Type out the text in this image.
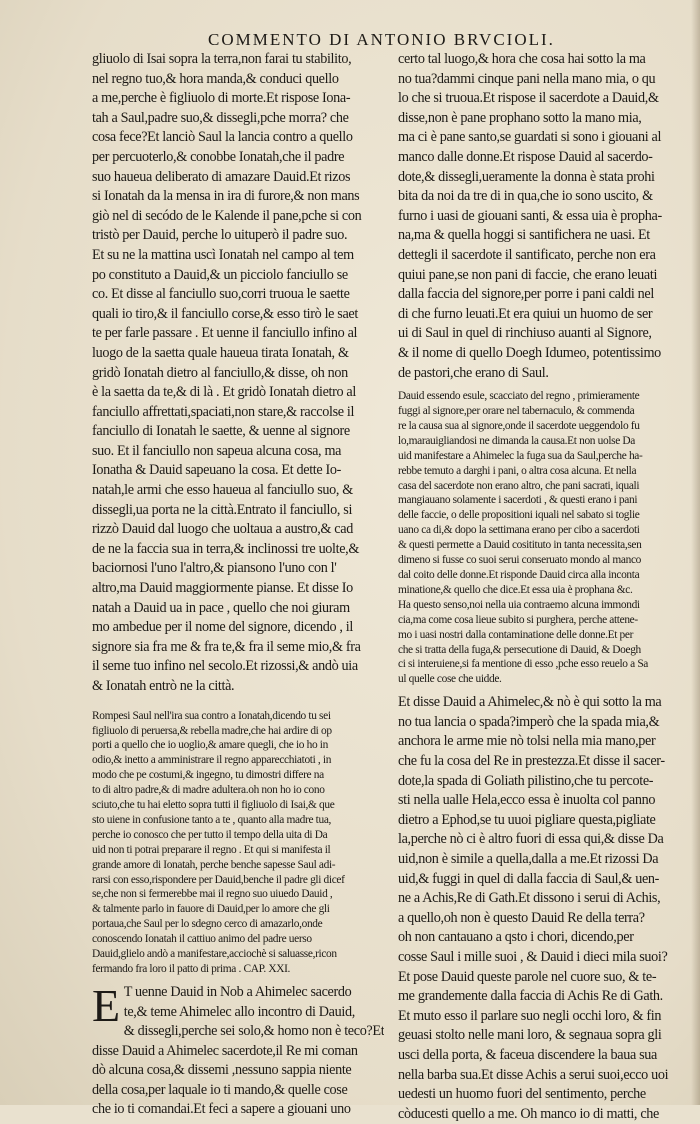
COMMENTO DI ANTONIO BRVCIOLI.
gliuolo di Isai sopra la terra,non farai tu stabilito,
nel regno tuo,& hora manda,& conduci quello
a me,perche è figliuolo di morte.Et rispose Iona-
tah a Saul,padre suo,& dissegli,pche morra? che
cosa fece?Et lanciò Saul la lancia contro a quello
per percuoterlo,& conobbe Ionatah,che il padre
suo haueua deliberato di amazare Dauid.Et rizos
si Ionatah da la mensa in ira di furore,& non mans
giò nel di secódo de le Kalende il pane,pche si con
tristò per Dauid, perche lo uituperò il padre suo.
Et su ne la mattina uscì Ionatah nel campo al tem
po constituto a Dauid,& un picciolo fanciullo se
co. Et disse al fanciullo suo,corri truoua le saette
quali io tiro,& il fanciullo corse,& esso tirò le saet
te per farle passare . Et uenne il fanciullo infino al
luogo de la saetta quale haueua tirata Ionatah, &
gridò Ionatah dietro al fanciullo,& disse, oh non
è la saetta da te,& di là . Et gridò Ionatah dietro al
fanciullo affrettati,spaciati,non stare,& raccolse il
fanciullo di Ionatah le saette, & uenne al signore
suo. Et il fanciullo non sapeua alcuna cosa, ma
Ionatha & Dauid sapeuano la cosa. Et dette Io-
natah,le armi che esso haueua al fanciullo suo, &
dissegli,ua porta ne la città.Entrato il fanciullo, si
rizzò Dauid dal luogo che uoltaua a austro,& cad
de ne la faccia sua in terra,& inclinossi tre uolte,&
baciornosi l'uno l'altro,& piansono l'uno con l'
altro,ma Dauid maggiormente pianse. Et disse Io
natah a Dauid ua in pace , quello che noi giuram
mo ambedue per il nome del signore, dicendo , il
signore sia fra me & fra te,& fra il seme mio,& fra
il seme tuo infino nel secolo.Et rizossi,& andò uia
& Ionatah entrò ne la città.
Rompesi Saul nell'ira sua contro a Ionatah,dicendo tu sei
figliuolo di peruersa,& rebella madre,che hai ardire di op
porti a quello che io uoglio,& amare quegli, che io ho in
odio,& inetto a amministrare il regno apparecchiatoti , in
modo che pe costumi,& ingegno, tu dimostri differe na
to di altro padre,& di madre adultera.oh non ho io cono
sciuto,che tu hai eletto sopra tutti il figliuolo di Isai,& que
sto uiene in confusione tanto a te , quanto alla madre tua,
perche io conosco che per tutto il tempo della uita di Da
uid non ti potrai preparare il regno . Et qui si manifesta il
grande amore di Ionatah, perche benche sapesse Saul adi-
rarsi con esso,rispondere per Dauid,benche il padre gli dicef
se,che non si fermerebbe mai il regno suo uiuedo Dauid ,
& talmente parlo in fauore di Dauid,per lo amore che gli
portaua,che Saul per lo sdegno cerco di amazarlo,onde
conoscendo Ionatah il cattiuo animo del padre uerso
Dauid,glielo andò a manifestare,acciochè si saluasse,ricon
fermando fra loro il patto di prima . CAP. XXI.
E T uenne Dauid in Nob a Ahimelec sacerdo
te,& teme Ahimelec allo incontro di Dauid,
& dissegli,perche sei solo,& homo non è teco?Et
disse Dauid a Ahimelec sacerdote,il Re mi coman
dò alcuna cosa,& dissemi ,nessuno sappia niente
della cosa,per laquale io ti mando,& quelle cose
che io ti comandai.Et feci a sapere a giouani uno
certo tal luogo,& hora che cosa hai sotto la ma
no tua?dammi cinque pani nella mano mia, o qu
lo che si truoua.Et rispose il sacerdote a Dauid,&
disse,non è pane prophano sotto la mano mia,
ma ci è pane santo,se guardati si sono i giouani al
manco dalle donne.Et rispose Dauid al sacerdo-
dote,& dissegli,ueramente la donna è stata prohi
bita da noi da tre di in qua,che io sono uscito, &
furno i uasi de giouani santi, & essa uia è propha-
na,ma & quella hoggi si santifichera ne uasi. Et
dettegli il sacerdote il santificato, perche non era
quiui pane,se non pani di faccie, che erano leuati
dalla faccia del signore,per porre i pani caldi nel
di che furno leuati.Et era quiui un huomo de ser
ui di Saul in quel di rinchiuso auanti al Signore,
& il nome di quello Doegh Idumeo, potentissimo
de pastori,che erano di Saul.
Dauid essendo esule, scacciato del regno , primieramente
fuggi al signore,per orare nel tabernaculo, & commenda
re la causa sua al signore,onde il sacerdote ueggendolo fu
lo,marauigliandosi ne dimanda la causa.Et non uolse Da
uid manifestare a Ahimelec la fuga sua da Saul,perche ha-
rebbe temuto a darghi i pani, o altra cosa alcuna. Et nella
casa del sacerdote non erano altro, che pani sacrati, iquali
mangiauano solamente i sacerdoti , & questi erano i pani
delle faccie, o delle propositioni iquali nel sabato si toglie
uano ca di,& dopo la settimana erano per cibo a sacerdoti
& questi permette a Dauid cositituto in tanta necessita,sen
dimeno si fusse co suoi serui conseruato mondo al manco
dal coito delle donne.Et risponde Dauid circa alla inconta
minatione,& quello che dice.Et essa uia è prophana &c.
Ha questo senso,noi nella uia contraemo alcuna immondi
cia,ma come cosa lieue subito si purghera, perche attene-
mo i uasi nostri dalla contaminatione delle donne.Et per
che si tratta della fuga,& persecutione di Dauid, & Doegh
ci si interuiene,si fa mentione di esso ,pche esso reuelo a Sa
ul quelle cose che uidde.
Et disse Dauid a Ahimelec,& nò è qui sotto la ma
no tua lancia o spada?imperò che la spada mia,&
anchora le arme mie nò tolsi nella mia mano,per
che fu la cosa del Re in prestezza.Et disse il sacer-
dote,la spada di Goliath pilistino,che tu percote-
sti nella ualle Hela,ecco essa è inuolta col panno
dietro a Ephod,se tu uuoi pigliare questa,pigliate
la,perche nò ci è altro fuori di essa qui,& disse Da
uid,non è simile a quella,dalla a me.Et rizossi Da
uid,& fuggi in quel di dalla faccia di Saul,& uen-
ne a Achis,Re di Gath.Et dissono i serui di Achis,
a quello,oh non è questo Dauid Re della terra?
oh non cantauano a qsto i chori, dicendo,per
cosse Saul i mille suoi , & Dauid i dieci mila suoi?
Et pose Dauid queste parole nel cuore suo, & te-
me grandemente dalla faccia di Achis Re di Gath.
Et muto esso il parlare suo negli occhi loro, & fin
geuasi stolto nelle mani loro, & segnaua sopra gli
usci della porta, & faceua discendere la baua sua
nella barba sua.Et disse Achis a serui suoi,ecco uoi
uedesti un huomo fuori del sentimento, perche
còducesti quello a me. Oh manco io di matti, che
